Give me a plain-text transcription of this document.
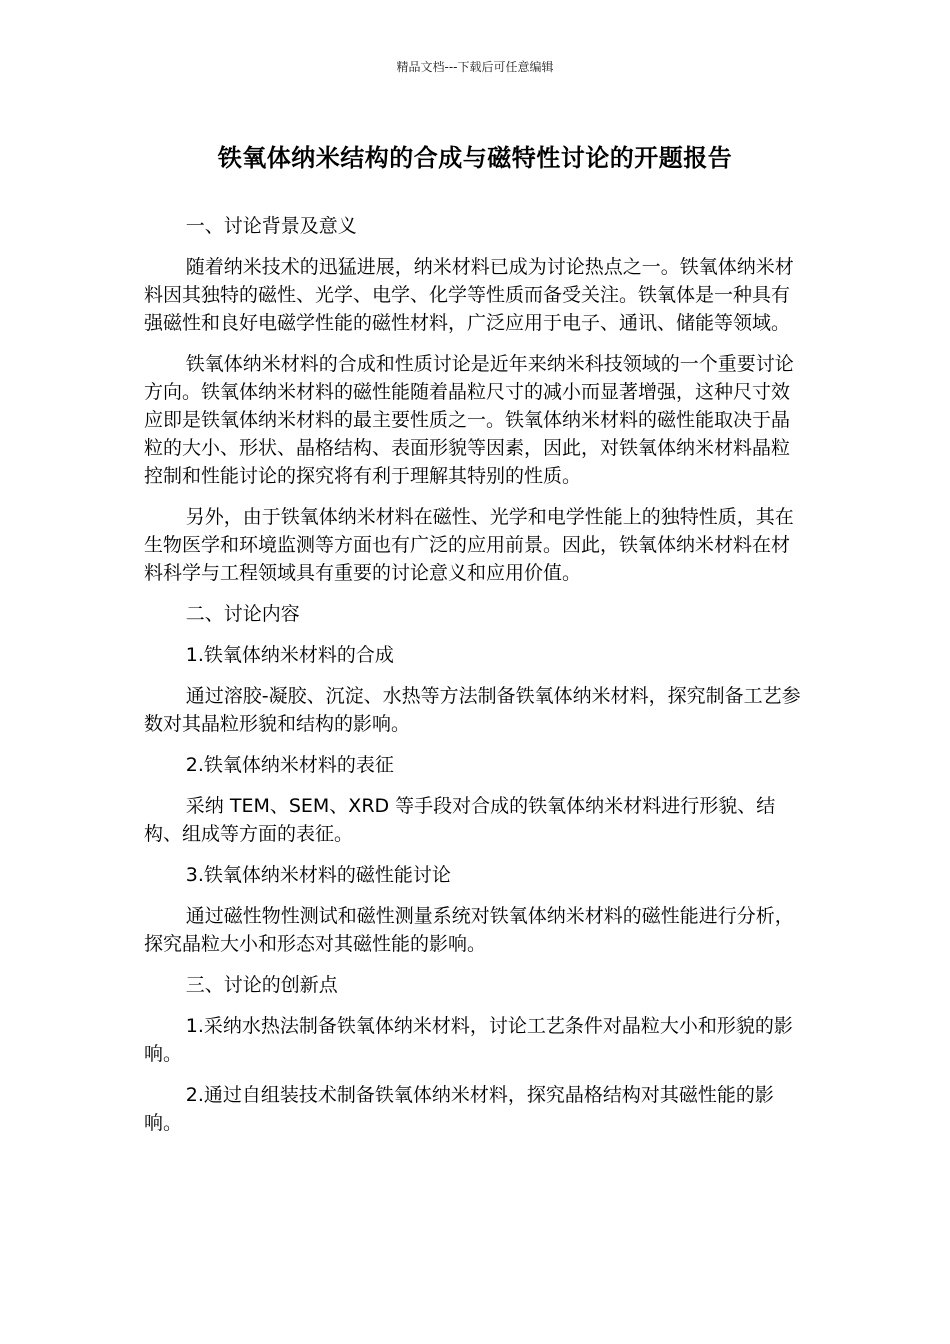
精品文档---下载后可任意编辑
铁氧体纳米结构的合成与磁特性讨论的开题报告

一、讨论背景及意义

随着纳米技术的迅猛进展，纳米材料已成为讨论热点之一。铁氧体纳米材料因其独特的磁性、光学、电学、化学等性质而备受关注。铁氧体是一种具有强磁性和良好电磁学性能的磁性材料，广泛应用于电子、通讯、储能等领域。

铁氧体纳米材料的合成和性质讨论是近年来纳米科技领域的一个重要讨论方向。铁氧体纳米材料的磁性能随着晶粒尺寸的减小而显著增强，这种尺寸效应即是铁氧体纳米材料的最主要性质之一。铁氧体纳米材料的磁性能取决于晶粒的大小、形状、晶格结构、表面形貌等因素，因此，对铁氧体纳米材料晶粒控制和性能讨论的探究将有利于理解其特别的性质。

另外，由于铁氧体纳米材料在磁性、光学和电学性能上的独特性质，其在生物医学和环境监测等方面也有广泛的应用前景。因此，铁氧体纳米材料在材料科学与工程领域具有重要的讨论意义和应用价值。

二、讨论内容

1.铁氧体纳米材料的合成

通过溶胶-凝胶、沉淀、水热等方法制备铁氧体纳米材料，探究制备工艺参数对其晶粒形貌和结构的影响。

2.铁氧体纳米材料的表征

采纳 TEM、SEM、XRD 等手段对合成的铁氧体纳米材料进行形貌、结构、组成等方面的表征。

3.铁氧体纳米材料的磁性能讨论

通过磁性物性测试和磁性测量系统对铁氧体纳米材料的磁性能进行分析，探究晶粒大小和形态对其磁性能的影响。

三、讨论的创新点

1.采纳水热法制备铁氧体纳米材料，讨论工艺条件对晶粒大小和形貌的影响。

2.通过自组装技术制备铁氧体纳米材料，探究晶格结构对其磁性能的影响。
